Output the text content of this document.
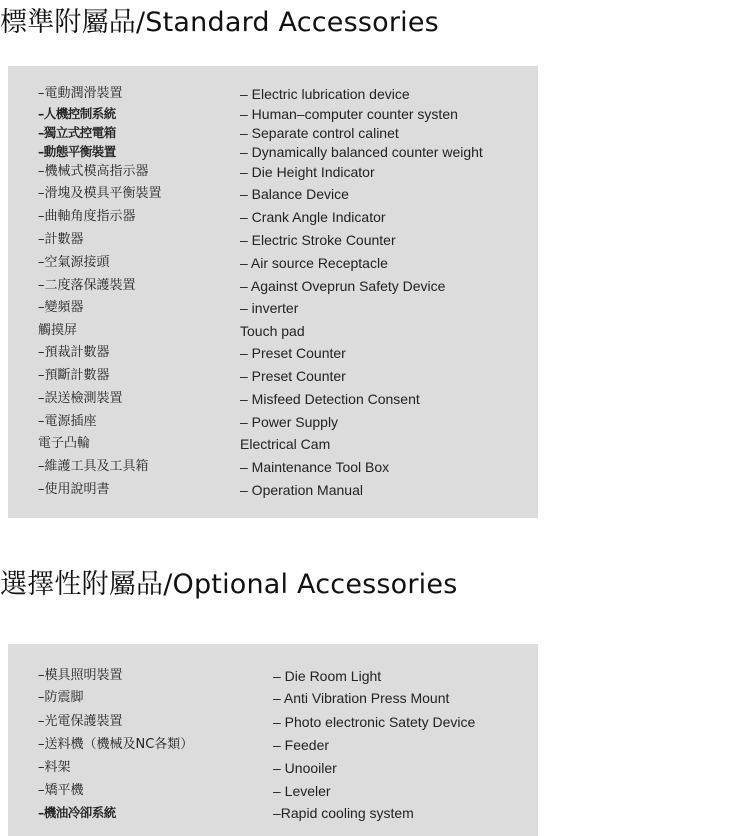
標準附屬品/Standard Accessories
–電動潤滑裝置
–人機控制系統
–獨立式控電箱
–動態平衡裝置
–機械式模高指示器
–滑塊及模具平衡裝置
–曲軸角度指示器
–計數器
–空氣源接頭
–二度落保護裝置
–變頻器
觸摸屏
–預裁計數器
–預斷計數器
–誤送檢測裝置
–電源插座
電子凸輪
–維護工具及工具箱
–使用說明書
– Electric lubrication device
– Human–computer counter systen
– Separate control calinet
– Dynamically balanced counter weight
– Die Height Indicator
– Balance Device
– Crank Angle Indicator
– Electric Stroke Counter
– Air source Receptacle
– Against Oveprun Safety Device
– inverter
Touch pad
– Preset Counter
– Preset Counter
– Misfeed Detection Consent
– Power Supply
Electrical Cam
– Maintenance Tool Box
– Operation Manual
選擇性附屬品/Optional Accessories
–模具照明裝置
–防震脚
–光電保護裝置
–送料機（機械及NC各類）
–料架
–矯平機
–機油冷卻系統
– Die Room Light
– Anti Vibration Press Mount
– Photo electronic Satety Device
– Feeder
– Unooiler
– Leveler
–Rapid cooling system
